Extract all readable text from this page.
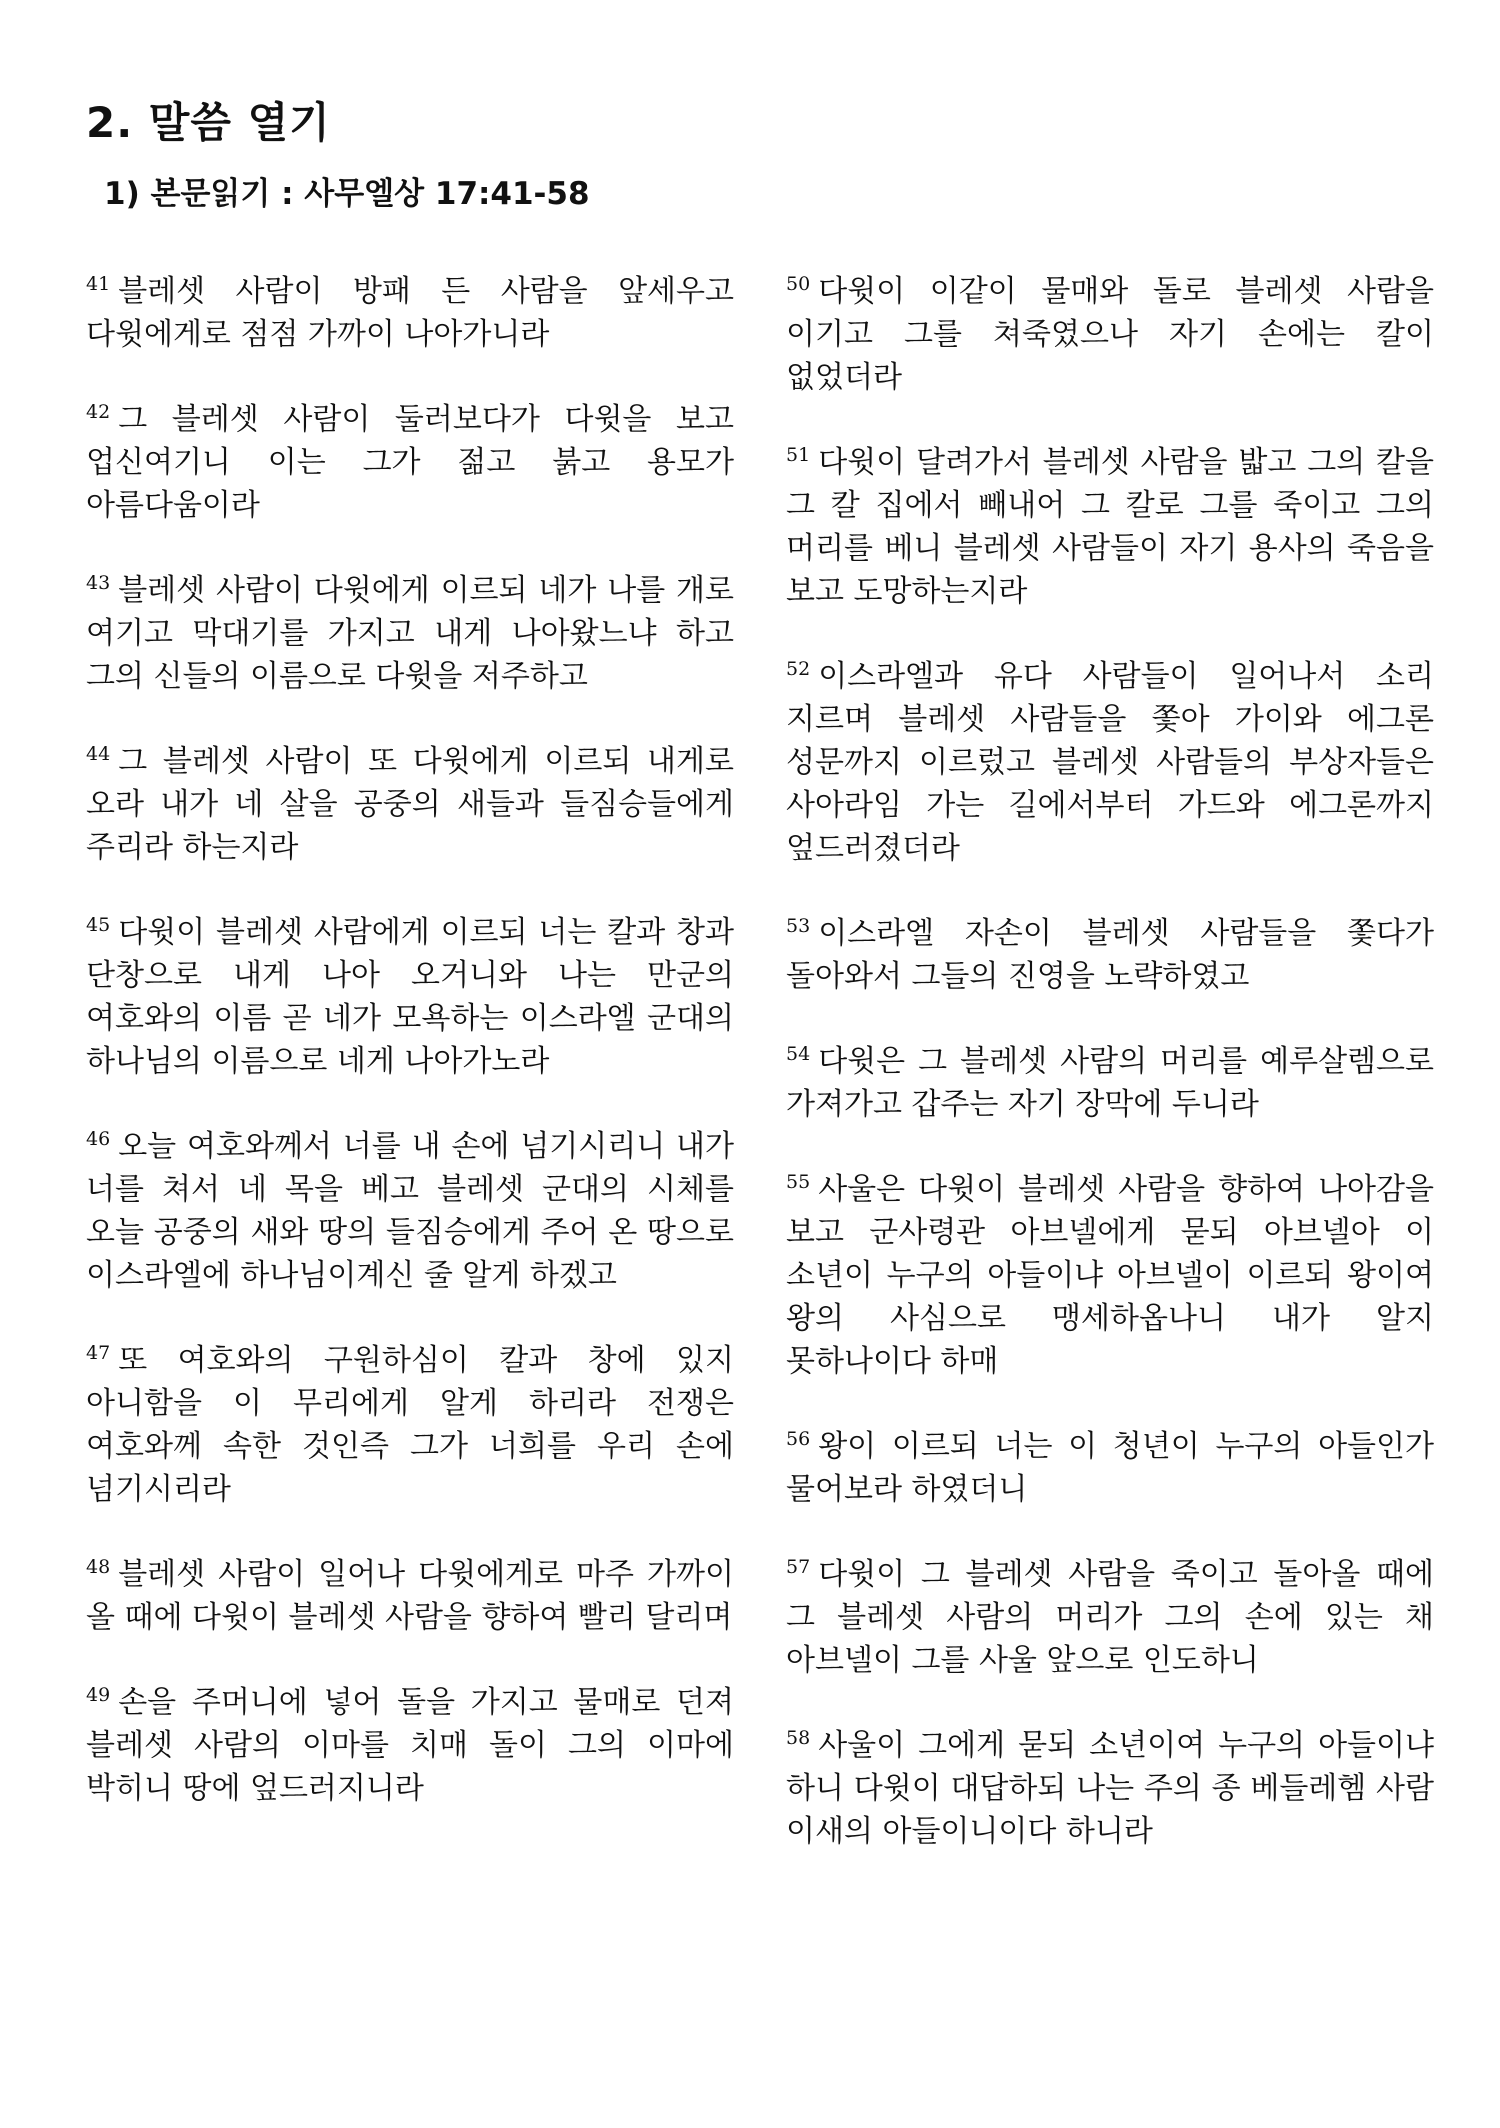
2. 말씀 열기
1) 본문읽기 : 사무엘상 17:41-58

$^{41}$ 블레셋 사람이 방패 든 사람을 앞세우고 다윗에게로 점점 가까이 나아가니라

$^{42}$ 그 블레셋 사람이 둘러보다가 다윗을 보고 업신여기니 이는 그가 젊고 붉고 용모가 아름다움이라

$^{43}$ 블레셋 사람이 다윗에게 이르되 네가 나를 개로 여기고 막대기를 가지고 내게 나아왔느냐 하고 그의 신들의 이름으로 다윗을 저주하고

$^{44}$ 그 블레셋 사람이 또 다윗에게 이르되 내게로 오라 내가 네 살을 공중의 새들과 들짐승들에게 주리라 하는지라

$^{45}$ 다윗이 블레셋 사람에게 이르되 너는 칼과 창과 단창으로 내게 나아 오거니와 나는 만군의 여호와의 이름 곧 네가 모욕하는 이스라엘 군대의 하나님의 이름으로 네게 나아가노라

$^{46}$ 오늘 여호와께서 너를 내 손에 넘기시리니 내가 너를 쳐서 네 목을 베고 블레셋 군대의 시체를 오늘 공중의 새와 땅의 들짐승에게 주어 온 땅으로 이스라엘에 하나님이계신 줄 알게 하겠고

$^{47}$ 또 여호와의 구원하심이 칼과 창에 있지 아니함을 이 무리에게 알게 하리라 전쟁은 여호와께 속한 것인즉 그가 너희를 우리 손에 넘기시리라

$^{48}$ 블레셋 사람이 일어나 다윗에게로 마주 가까이 올 때에 다윗이 블레셋 사람을 향하여 빨리 달리며

$^{49}$ 손을 주머니에 넣어 돌을 가지고 물매로 던져 블레셋 사람의 이마를 치매 돌이 그의 이마에 박히니 땅에 엎드러지니라

$^{50}$ 다윗이 이같이 물매와 돌로 블레셋 사람을 이기고 그를 쳐죽였으나 자기 손에는 칼이 없었더라

$^{51}$ 다윗이 달려가서 블레셋 사람을 밟고 그의 칼을 그 칼 집에서 빼내어 그 칼로 그를 죽이고 그의 머리를 베니 블레셋 사람들이 자기 용사의 죽음을 보고 도망하는지라

$^{52}$ 이스라엘과 유다 사람들이 일어나서 소리 지르며 블레셋 사람들을 쫓아 가이와 에그론 성문까지 이르렀고 블레셋 사람들의 부상자들은 사아라임 가는 길에서부터 가드와 에그론까지 엎드러졌더라

$^{53}$ 이스라엘 자손이 블레셋 사람들을 쫓다가 돌아와서 그들의 진영을 노략하였고

$^{54}$ 다윗은 그 블레셋 사람의 머리를 예루살렘으로 가져가고 갑주는 자기 장막에 두니라

$^{55}$ 사울은 다윗이 블레셋 사람을 향하여 나아감을 보고 군사령관 아브넬에게 묻되 아브넬아 이 소년이 누구의 아들이냐 아브넬이 이르되 왕이여 왕의 사심으로 맹세하옵나니 내가 알지 못하나이다 하매

$^{56}$ 왕이 이르되 너는 이 청년이 누구의 아들인가 물어보라 하였더니

$^{57}$ 다윗이 그 블레셋 사람을 죽이고 돌아올 때에 그 블레셋 사람의 머리가 그의 손에 있는 채 아브넬이 그를 사울 앞으로 인도하니

$^{58}$ 사울이 그에게 묻되 소년이여 누구의 아들이냐 하니 다윗이 대답하되 나는 주의 종 베들레헴 사람 이새의 아들이니이다 하니라
